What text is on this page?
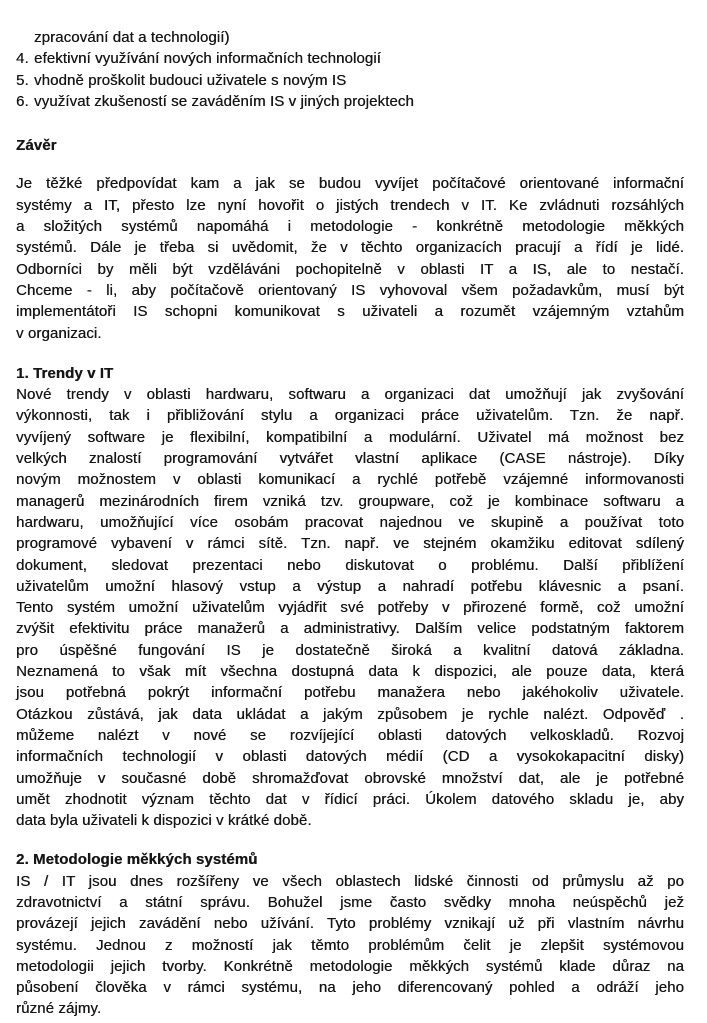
zpracování dat a technologií)
4. efektivní využívání nových informačních technologií
5. vhodně proškolit budouci uživatele s novým IS
6. využívat zkušeností se zaváděním IS v jiných projektech
Závěr
Je těžké předpovídat kam a jak se budou vyvíjet počítačové orientované informační
systémy a IT, přesto lze nyní hovořit o jistých trendech v IT. Ke zvládnuti rozsáhlých
a složitých systémů napomáhá i metodologie - konkrétně metodologie měkkých
systémů. Dále je třeba si uvědomit, že v těchto organizacích pracují a řídí je lidé.
Odborníci by měli být vzděláváni pochopitelně v oblasti IT a IS, ale to nestačí.
Chceme - li, aby počítačově orientovaný IS vyhovoval všem požadavkům, musí být
implementátoři IS schopni komunikovat s uživateli a rozumět vzájemným vztahům
v organizaci.
1. Trendy v IT
Nové trendy v oblasti hardwaru, softwaru a organizaci dat umožňují jak zvyšování
výkonnosti, tak i přibližování stylu a organizaci práce uživatelům. Tzn. že např.
vyvíjený software je flexibilní, kompatibilní a modulární. Uživatel má možnost bez
velkých znalostí programování vytvářet vlastní aplikace (CASE nástroje). Díky
novým možnostem v oblasti komunikací a rychlé potřebě vzájemné informovanosti
managerů mezinárodních firem vzniká tzv. groupware, což je kombinace softwaru a
hardwaru, umožňující více osobám pracovat najednou ve skupině a používat toto
programové vybavení v rámci sítě. Tzn. např. ve stejném okamžiku editovat sdílený
dokument, sledovat prezentaci nebo diskutovat o problému. Další přiblížení
uživatelům umožní hlasový vstup a výstup a nahradí potřebu klávesnic a psaní.
Tento systém umožní uživatelům vyjádřit své potřeby v přirozené formě, což umožní
zvýšit efektivitu práce manažerů a administrativy. Dalším velice podstatným faktorem
pro úspěšné fungování IS je dostatečně široká a kvalitní datová základna.
Neznamená to však mít všechna dostupná data k dispozici, ale pouze data, která
jsou potřebná pokrýt informační potřebu manažera nebo jakéhokoliv uživatele.
Otázkou zůstává, jak data ukládat a jakým způsobem je rychle nalézt. Odpověď .
můžeme nalézt v nové se rozvíjející oblasti datových velkoskladů. Rozvoj
informačních technologií v oblasti datových médií (CD a vysokokapacitní disky)
umožňuje v současné době shromažďovat obrovské množství dat, ale je potřebné
umět zhodnotit význam těchto dat v řídicí práci. Úkolem datového skladu je, aby
data byla uživateli k dispozici v krátké době.
2. Metodologie měkkých systémů
IS / IT jsou dnes rozšířeny ve všech oblastech lidské činnosti od průmyslu až po
zdravotnictví a státní správu. Bohužel jsme často svědky mnoha neúspěchů jež
provázejí jejich zavádění nebo užívání. Tyto problémy vznikají už při vlastním návrhu
systému. Jednou z možností jak těmto problémům čelit je zlepšit systémovou
metodologii jejich tvorby. Konkrétně metodologie měkkých systémů klade důraz na
působení člověka v rámci systému, na jeho diferencovaný pohled a odráží jeho
různé zájmy.
